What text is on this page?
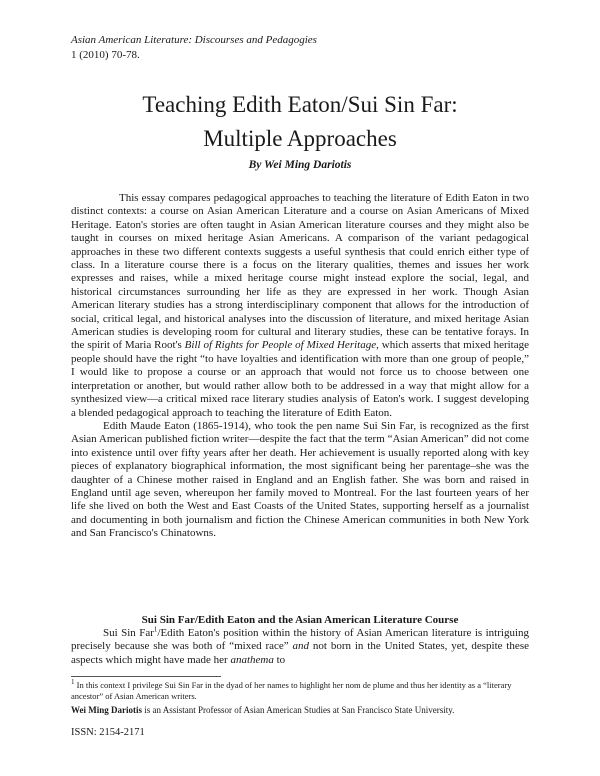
Asian American Literature: Discourses and Pedagogies
1 (2010) 70-78.
Teaching Edith Eaton/Sui Sin Far:
Multiple Approaches
By Wei Ming Dariotis

This essay compares pedagogical approaches to teaching the literature of Edith Eaton in two distinct contexts: a course on Asian American Literature and a course on Asian Americans of Mixed Heritage. Eaton's stories are often taught in Asian American literature courses and they might also be taught in courses on mixed heritage Asian Americans. A comparison of the variant pedagogical approaches in these two different contexts suggests a useful synthesis that could enrich either type of class. In a literature course there is a focus on the literary qualities, themes and issues her work expresses and raises, while a mixed heritage course might instead explore the social, legal, and historical circumstances surrounding her life as they are expressed in her work. Though Asian American literary studies has a strong interdisciplinary component that allows for the introduction of social, critical legal, and historical analyses into the discussion of literature, and mixed heritage Asian American studies is developing room for cultural and literary studies, these can be tentative forays. In the spirit of Maria Root's Bill of Rights for People of Mixed Heritage, which asserts that mixed heritage people should have the right “to have loyalties and identification with more than one group of people,” I would like to propose a course or an approach that would not force us to choose between one interpretation or another, but would rather allow both to be addressed in a way that might allow for a synthesized view—a critical mixed race literary studies analysis of Eaton's work. I suggest developing a blended pedagogical approach to teaching the literature of Edith Eaton.

Edith Maude Eaton (1865-1914), who took the pen name Sui Sin Far, is recognized as the first Asian American published fiction writer—despite the fact that the term “Asian American” did not come into existence until over fifty years after her death. Her achievement is usually reported along with key pieces of explanatory biographical information, the most significant being her parentage–she was the daughter of a Chinese mother raised in England and an English father. She was born and raised in England until age seven, whereupon her family moved to Montreal. For the last fourteen years of her life she lived on both the West and East Coasts of the United States, supporting herself as a journalist and documenting in both journalism and fiction the Chinese American communities in both New York and San Francisco's Chinatowns.

Sui Sin Far/Edith Eaton and the Asian American Literature Course

Sui Sin Far$^1$/Edith Eaton's position within the history of Asian American literature is intriguing precisely because she was both of “mixed race” and not born in the United States, yet, despite these aspects which might have made her anathema to

$^1$ In this context I privilege Sui Sin Far in the dyad of her names to highlight her nom de plume and thus her identity as a “literary ancestor” of Asian American writers.
Wei Ming Dariotis is an Assistant Professor of Asian American Studies at San Francisco State University.
ISSN: 2154-2171
